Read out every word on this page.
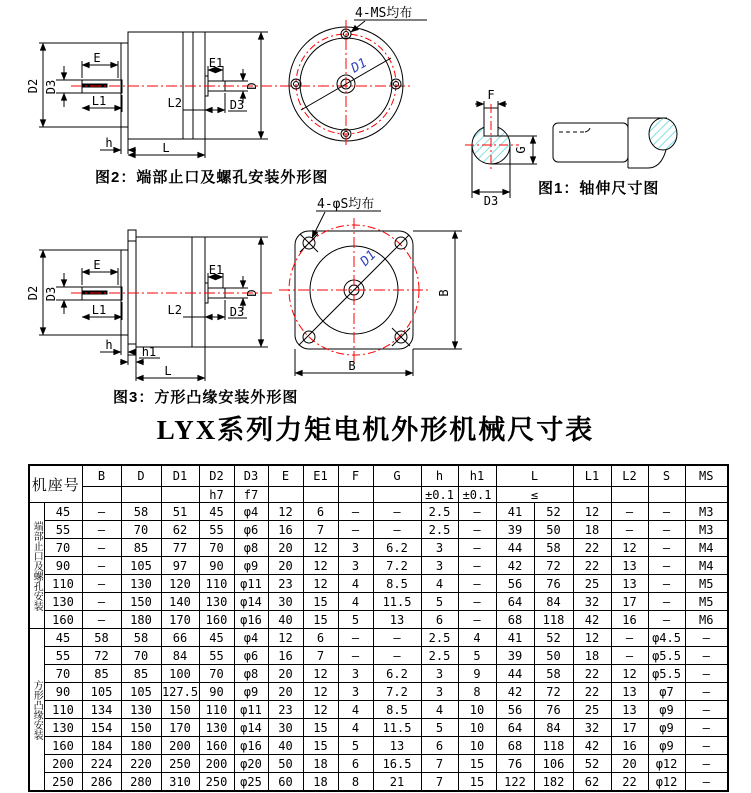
D2 D3
E
L1
E1
L2	D3
D
h	L
D1
4-MS均布
图2：端部止口及螺孔安装外形图
F
G
D3
图1：轴伸尺寸图
D2 D3
E
L1
E1
L2	D3
D
h h1
L
D1
B
B
4-φS均布
图3：方形凸缘安装外形图
LYX系列力矩电机外形机械尺寸表
机座号		B	D	D1	D2	D3	E	E1	F	G	h	h1	L		L1	L2	S	MS
					h7	f7					±0.1	±0.1	≤					
端部止口及螺孔安装	45	–	58	51	45	φ4	12	6	–	–	2.5	–	41	52	12	–	–	M3
	55	–	70	62	55	φ6	16	7	–	–	2.5	–	39	50	18	–	–	M3
	70	–	85	77	70	φ8	20	12	3	6.2	3	–	44	58	22	12	–	M4
	90	–	105	97	90	φ9	20	12	3	7.2	3	–	42	72	22	13	–	M4
	110	–	130	120	110	φ11	23	12	4	8.5	4	–	56	76	25	13	–	M5
	130	–	150	140	130	φ14	30	15	4	11.5	5	–	64	84	32	17	–	M5
	160	–	180	170	160	φ16	40	15	5	13	6	–	68	118	42	16	–	M6
方形凸缘安装	45	58	58	66	45	φ4	12	6	–	–	2.5	4	41	52	12	–	φ4.5	–
	55	72	70	84	55	φ6	16	7	–	–	2.5	5	39	50	18	–	φ5.5	–
	70	85	85	100	70	φ8	20	12	3	6.2	3	9	44	58	22	12	φ5.5	–
	90	105	105	127.5	90	φ9	20	12	3	7.2	3	8	42	72	22	13	φ7	–
	110	134	130	150	110	φ11	23	12	4	8.5	4	10	56	76	25	13	φ9	–
	130	154	150	170	130	φ14	30	15	4	11.5	5	10	64	84	32	17	φ9	–
	160	184	180	200	160	φ16	40	15	5	13	6	10	68	118	42	16	φ9	–
	200	224	220	250	200	φ20	50	18	6	16.5	7	15	76	106	52	20	φ12	–
	250	286	280	310	250	φ25	60	18	8	21	7	15	122	182	62	22	φ12	–
